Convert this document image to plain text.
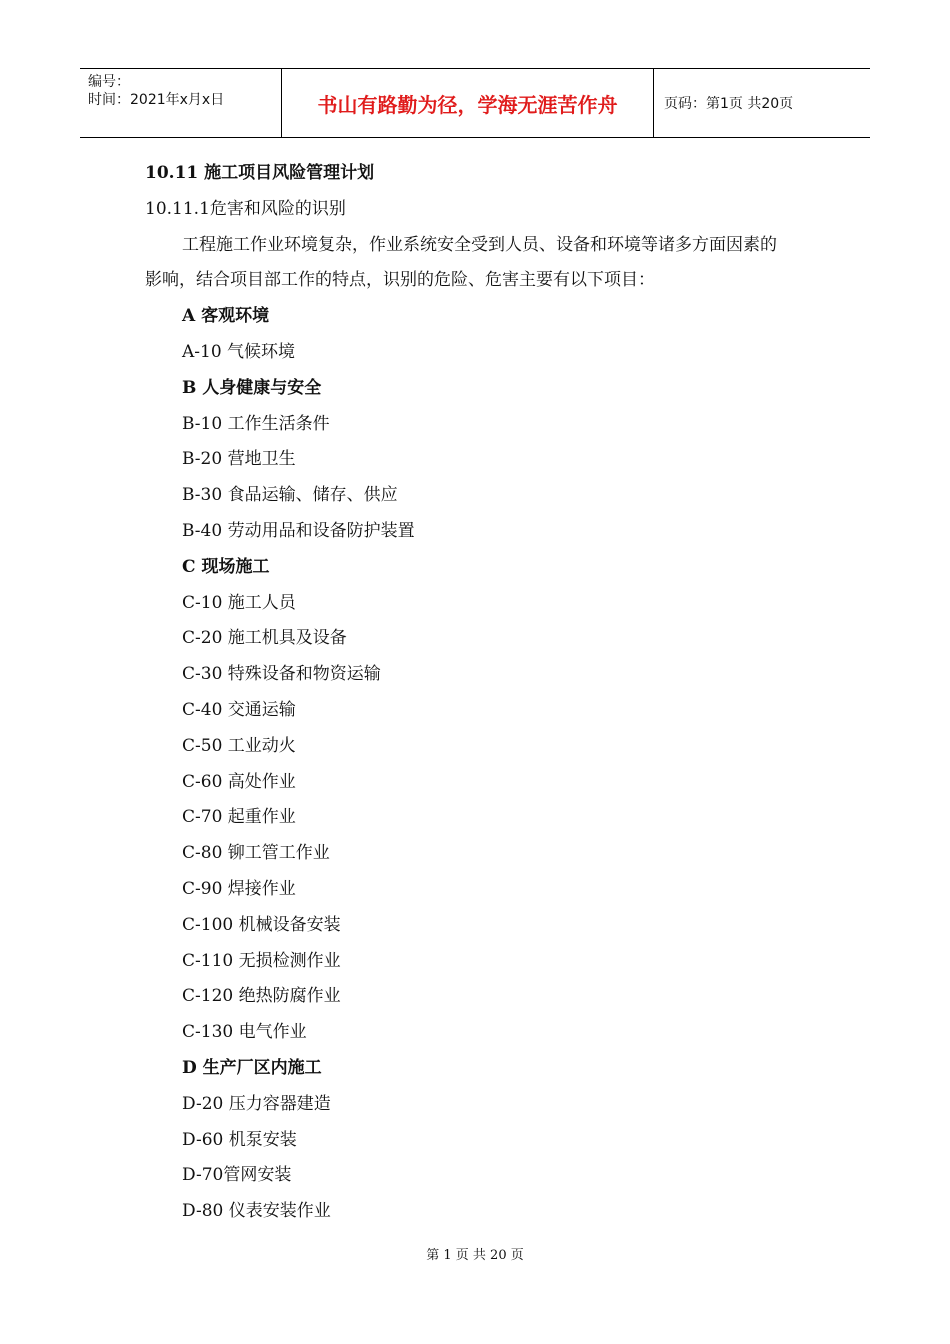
编号：
时间：2021年x月x日	书山有路勤为径，学海无涯苦作舟	页码：第1页 共20页
10.11 施工项目风险管理计划
10.11.1危害和风险的识别
工程施工作业环境复杂，作业系统安全受到人员、设备和环境等诸多方面因素的影响，结合项目部工作的特点，识别的危险、危害主要有以下项目：
A 客观环境
A-10 气候环境
B 人身健康与安全
B-10 工作生活条件
B-20 营地卫生
B-30 食品运输、储存、供应
B-40 劳动用品和设备防护装置
C 现场施工
C-10 施工人员
C-20 施工机具及设备
C-30 特殊设备和物资运输
C-40 交通运输
C-50 工业动火
C-60 高处作业
C-70 起重作业
C-80 铆工管工作业
C-90 焊接作业
C-100 机械设备安装
C-110 无损检测作业
C-120 绝热防腐作业
C-130 电气作业
D 生产厂区内施工
D-20 压力容器建造
D-60 机泵安装
D-70管网安装
D-80 仪表安装作业
第 1 页 共 20 页
